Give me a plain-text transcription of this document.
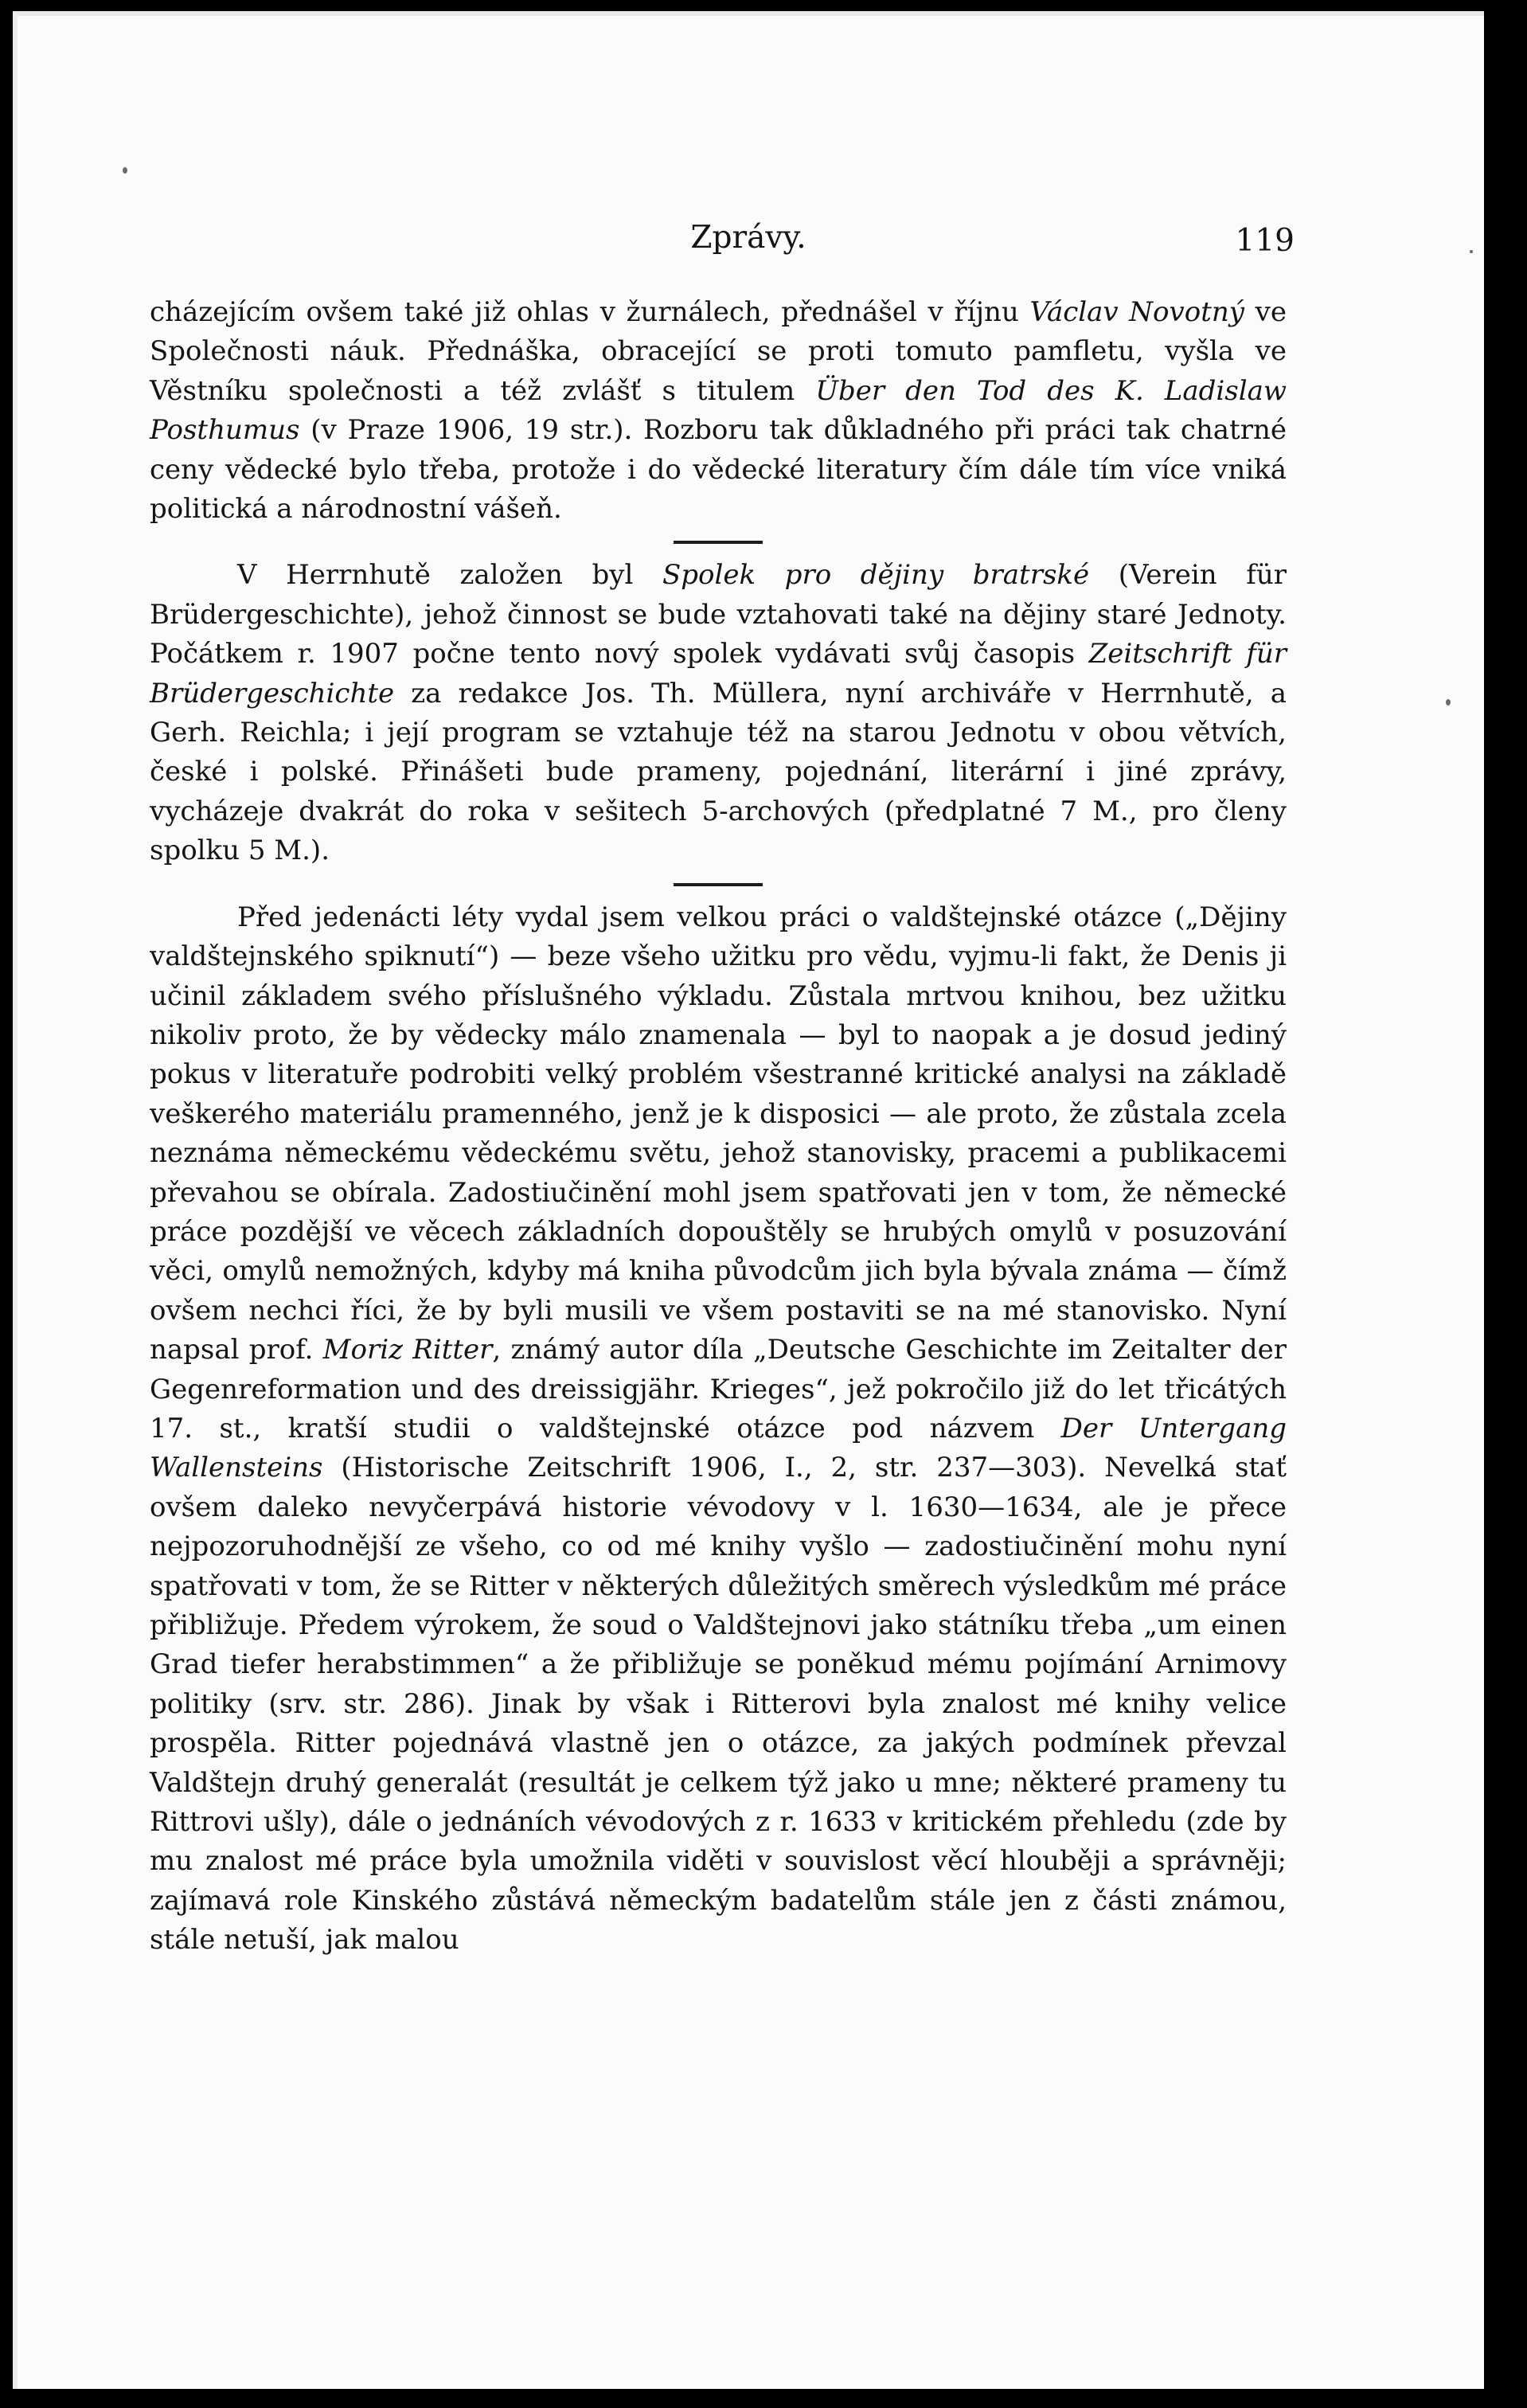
Zprávy.	119

cházejícím ovšem také již ohlas v žurnálech, přednášel v říjnu Václav Novotný ve Společnosti náuk. Přednáška, obracející se proti tomuto pamfletu, vyšla ve Věstníku společnosti a též zvlášť s titulem Über den Tod des K. Ladislaw Posthumus (v Praze 1906, 19 str.). Rozboru tak důkladného při práci tak chatrné ceny vědecké bylo třeba, protože i do vědecké literatury čím dále tím více vniká politická a národnostní vášeň.

V Herrnhutě založen byl Spolek pro dějiny bratrské (Verein für Brüdergeschichte), jehož činnost se bude vztahovati také na dějiny staré Jednoty. Počátkem r. 1907 počne tento nový spolek vydávati svůj časopis Zeitschrift für Brüdergeschichte za redakce Jos. Th. Müllera, nyní archiváře v Herrnhutě, a Gerh. Reichla; i její program se vztahuje též na starou Jednotu v obou větvích, české i polské. Přinášeti bude prameny, pojednání, literární i jiné zprávy, vycházeje dvakrát do roka v sešitech 5-archových (předplatné 7 M., pro členy spolku 5 M.).

Před jedenácti léty vydal jsem velkou práci o valdštejnské otázce („Dějiny valdštejnského spiknutí“) — beze všeho užitku pro vědu, vyjmu-li fakt, že Denis ji učinil základem svého příslušného výkladu. Zůstala mrtvou knihou, bez užitku nikoliv proto, že by vědecky málo znamenala — byl to naopak a je dosud jediný pokus v literatuře podrobiti velký problém všestranné kritické analysi na základě veškerého materiálu pramenného, jenž je k disposici — ale proto, že zůstala zcela neznáma německému vědeckému světu, jehož stanovisky, pracemi a publikacemi převahou se obírala. Zadostiučinění mohl jsem spatřovati jen v tom, že německé práce pozdější ve věcech základních dopouštěly se hrubých omylů v posuzování věci, omylů nemožných, kdyby má kniha původcům jich byla bývala známa — čímž ovšem nechci říci, že by byli musili ve všem postaviti se na mé stanovisko. Nyní napsal prof. Moriz Ritter, známý autor díla „Deutsche Geschichte im Zeitalter der Gegenreformation und des dreissigjähr. Krieges“, jež pokročilo již do let třicátých 17. st., kratší studii o valdštejnské otázce pod názvem Der Untergang Wallensteins (Historische Zeitschrift 1906, I., 2, str. 237—303). Nevelká stať ovšem daleko nevyčerpává historie vévodovy v l. 1630—1634, ale je přece nejpozoruhodnější ze všeho, co od mé knihy vyšlo — zadostiučinění mohu nyní spatřovati v tom, že se Ritter v některých důležitých směrech výsledkům mé práce přibližuje. Předem výrokem, že soud o Valdštejnovi jako státníku třeba „um einen Grad tiefer herabstimmen“ a že přibližuje se poněkud mému pojímání Arnimovy politiky (srv. str. 286). Jinak by však i Ritterovi byla znalost mé knihy velice prospěla. Ritter pojednává vlastně jen o otázce, za jakých podmínek převzal Valdštejn druhý generalát (resultát je celkem týž jako u mne; některé prameny tu Rittrovi ušly), dále o jednáních vévodových z r. 1633 v kritickém přehledu (zde by mu znalost mé práce byla umožnila viděti v souvislost věcí hlouběji a správněji; zajímavá role Kinského zůstává německým badatelům stále jen z části známou, stále netuší, jak malou
